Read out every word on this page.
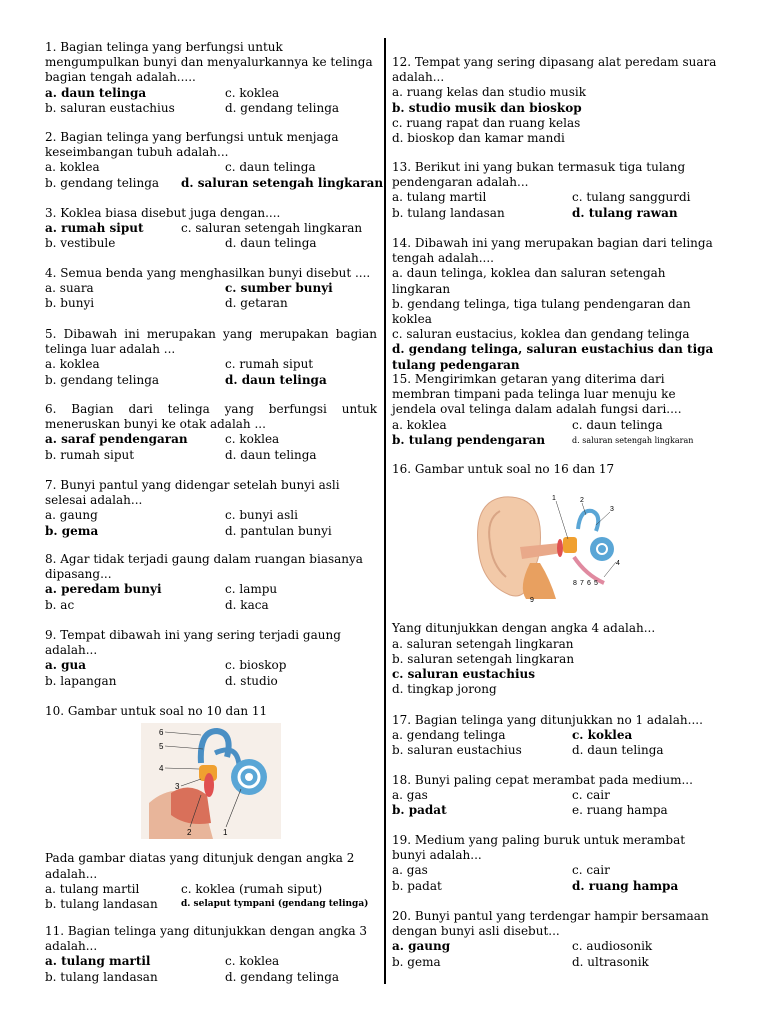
1. Bagian telinga yang berfungsi untuk mengumpulkan bunyi dan menyalurkannya ke telinga bagian tengah adalah.....

a. daun telinga	c. koklea
b. saluran eustachius	d. gendang telinga

2. Bagian telinga yang berfungsi untuk menjaga keseimbangan tubuh adalah...

a. koklea	c. daun telinga
b. gendang telinga	d. saluran setengah lingkaran

3. Koklea biasa disebut juga dengan....

a. rumah siput	c. saluran setengah lingkaran
b. vestibule	d. daun telinga

4. Semua benda yang menghasilkan bunyi disebut ....

a. suara	c. sumber bunyi
b. bunyi	d. getaran

5. Dibawah ini merupakan yang merupakan bagian telinga luar adalah ...

a. koklea	c. rumah siput
b. gendang telinga	d. daun telinga

6. Bagian dari telinga yang berfungsi untuk meneruskan bunyi ke otak adalah ...

a. saraf pendengaran	c. koklea
b. rumah siput	d. daun telinga

7. Bunyi pantul yang didengar setelah bunyi asli selesai adalah...

a. gaung	c. bunyi asli
b. gema	d. pantulan bunyi

8. Agar tidak terjadi gaung dalam ruangan biasanya dipasang...

a. peredam bunyi	c. lampu
b. ac	d. kaca

9. Tempat dibawah ini yang sering terjadi gaung adalah...

a. gua	c. bioskop
b. lapangan	d. studio

10. Gambar untuk soal no 10 dan 11

6
5
4
3
2	1

Pada gambar diatas yang ditunjuk dengan angka 2 adalah...

a. tulang martil	c. koklea (rumah siput)
b. tulang landasan	d. selaput tympani (gendang telinga)

11. Bagian telinga yang ditunjukkan dengan angka 3 adalah...

a. tulang martil	c. koklea
b. tulang landasan	d. gendang telinga

12. Tempat yang sering dipasang alat peredam suara adalah...

a. ruang kelas dan studio musik
b. studio musik dan bioskop
c. ruang rapat dan ruang kelas
d. bioskop dan kamar mandi

13. Berikut ini yang bukan termasuk tiga tulang pendengaran adalah...

a. tulang martil	c. tulang sanggurdi
b. tulang landasan	d. tulang rawan

14. Dibawah ini yang merupakan bagian dari telinga tengah adalah....

a. daun telinga, koklea dan saluran setengah lingkaran
b. gendang telinga, tiga tulang pendengaran dan koklea
c. saluran eustacius, koklea dan gendang telinga
d. gendang telinga, saluran eustachius dan tiga tulang pedengaran

15. Mengirimkan getaran yang diterima dari membran timpani pada telinga luar menuju ke jendela oval telinga dalam adalah fungsi dari....

a. koklea	c. daun telinga
b. tulang pendengaran	d. saluran setengah lingkaran

16. Gambar untuk soal no 16 dan 17

1	2
3
4
5
6
7
8
9

Yang ditunjukkan dengan angka 4 adalah...

a. saluran setengah lingkaran
b. saluran setengah lingkaran
c. saluran eustachius
d. tingkap jorong

17. Bagian telinga yang ditunjukkan no 1 adalah....

a. gendang telinga	c. koklea
b. saluran eustachius	d. daun telinga

18. Bunyi paling cepat merambat pada medium...

a. gas	c. cair
b. padat	e. ruang hampa

19. Medium yang paling buruk untuk merambat bunyi adalah...

a. gas	c. cair
b. padat	d. ruang hampa

20. Bunyi pantul yang terdengar hampir bersamaan dengan bunyi asli disebut...

a. gaung	c. audiosonik
b. gema	d. ultrasonik
